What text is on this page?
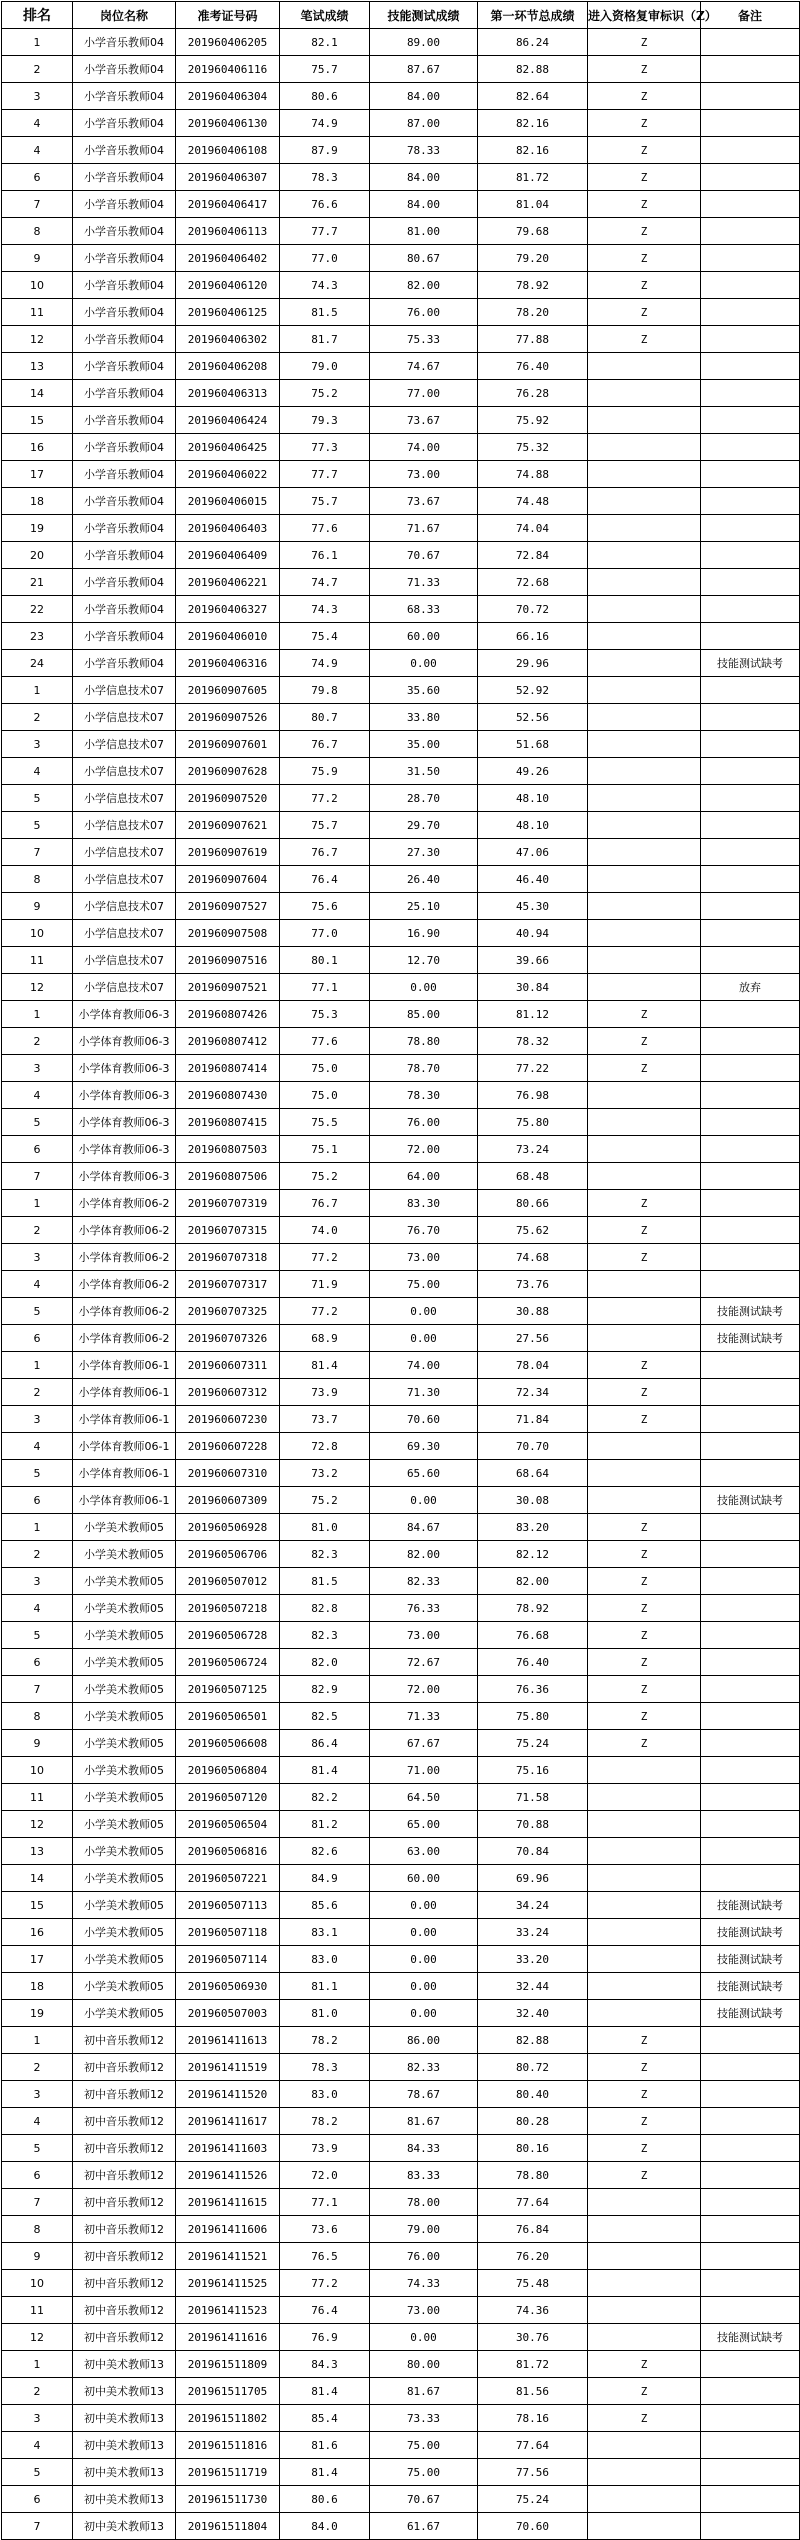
排名	岗位名称	准考证号码	笔试成绩	技能测试成绩	第一环节总成绩	进入资格复审标识（Z）	备注
1	小学音乐教师04	201960406205	82.1	89.00	86.24	Z	
2	小学音乐教师04	201960406116	75.7	87.67	82.88	Z	
3	小学音乐教师04	201960406304	80.6	84.00	82.64	Z	
4	小学音乐教师04	201960406130	74.9	87.00	82.16	Z	
4	小学音乐教师04	201960406108	87.9	78.33	82.16	Z	
6	小学音乐教师04	201960406307	78.3	84.00	81.72	Z	
7	小学音乐教师04	201960406417	76.6	84.00	81.04	Z	
8	小学音乐教师04	201960406113	77.7	81.00	79.68	Z	
9	小学音乐教师04	201960406402	77.0	80.67	79.20	Z	
10	小学音乐教师04	201960406120	74.3	82.00	78.92	Z	
11	小学音乐教师04	201960406125	81.5	76.00	78.20	Z	
12	小学音乐教师04	201960406302	81.7	75.33	77.88	Z	
13	小学音乐教师04	201960406208	79.0	74.67	76.40		
14	小学音乐教师04	201960406313	75.2	77.00	76.28		
15	小学音乐教师04	201960406424	79.3	73.67	75.92		
16	小学音乐教师04	201960406425	77.3	74.00	75.32		
17	小学音乐教师04	201960406022	77.7	73.00	74.88		
18	小学音乐教师04	201960406015	75.7	73.67	74.48		
19	小学音乐教师04	201960406403	77.6	71.67	74.04		
20	小学音乐教师04	201960406409	76.1	70.67	72.84		
21	小学音乐教师04	201960406221	74.7	71.33	72.68		
22	小学音乐教师04	201960406327	74.3	68.33	70.72		
23	小学音乐教师04	201960406010	75.4	60.00	66.16		
24	小学音乐教师04	201960406316	74.9	0.00	29.96		技能测试缺考
1	小学信息技术07	201960907605	79.8	35.60	52.92		
2	小学信息技术07	201960907526	80.7	33.80	52.56		
3	小学信息技术07	201960907601	76.7	35.00	51.68		
4	小学信息技术07	201960907628	75.9	31.50	49.26		
5	小学信息技术07	201960907520	77.2	28.70	48.10		
5	小学信息技术07	201960907621	75.7	29.70	48.10		
7	小学信息技术07	201960907619	76.7	27.30	47.06		
8	小学信息技术07	201960907604	76.4	26.40	46.40		
9	小学信息技术07	201960907527	75.6	25.10	45.30		
10	小学信息技术07	201960907508	77.0	16.90	40.94		
11	小学信息技术07	201960907516	80.1	12.70	39.66		
12	小学信息技术07	201960907521	77.1	0.00	30.84		放弃
1	小学体育教师06-3	201960807426	75.3	85.00	81.12	Z	
2	小学体育教师06-3	201960807412	77.6	78.80	78.32	Z	
3	小学体育教师06-3	201960807414	75.0	78.70	77.22	Z	
4	小学体育教师06-3	201960807430	75.0	78.30	76.98		
5	小学体育教师06-3	201960807415	75.5	76.00	75.80		
6	小学体育教师06-3	201960807503	75.1	72.00	73.24		
7	小学体育教师06-3	201960807506	75.2	64.00	68.48		
1	小学体育教师06-2	201960707319	76.7	83.30	80.66	Z	
2	小学体育教师06-2	201960707315	74.0	76.70	75.62	Z	
3	小学体育教师06-2	201960707318	77.2	73.00	74.68	Z	
4	小学体育教师06-2	201960707317	71.9	75.00	73.76		
5	小学体育教师06-2	201960707325	77.2	0.00	30.88		技能测试缺考
6	小学体育教师06-2	201960707326	68.9	0.00	27.56		技能测试缺考
1	小学体育教师06-1	201960607311	81.4	74.00	78.04	Z	
2	小学体育教师06-1	201960607312	73.9	71.30	72.34	Z	
3	小学体育教师06-1	201960607230	73.7	70.60	71.84	Z	
4	小学体育教师06-1	201960607228	72.8	69.30	70.70		
5	小学体育教师06-1	201960607310	73.2	65.60	68.64		
6	小学体育教师06-1	201960607309	75.2	0.00	30.08		技能测试缺考
1	小学美术教师05	201960506928	81.0	84.67	83.20	Z	
2	小学美术教师05	201960506706	82.3	82.00	82.12	Z	
3	小学美术教师05	201960507012	81.5	82.33	82.00	Z	
4	小学美术教师05	201960507218	82.8	76.33	78.92	Z	
5	小学美术教师05	201960506728	82.3	73.00	76.68	Z	
6	小学美术教师05	201960506724	82.0	72.67	76.40	Z	
7	小学美术教师05	201960507125	82.9	72.00	76.36	Z	
8	小学美术教师05	201960506501	82.5	71.33	75.80	Z	
9	小学美术教师05	201960506608	86.4	67.67	75.24	Z	
10	小学美术教师05	201960506804	81.4	71.00	75.16		
11	小学美术教师05	201960507120	82.2	64.50	71.58		
12	小学美术教师05	201960506504	81.2	65.00	70.88		
13	小学美术教师05	201960506816	82.6	63.00	70.84		
14	小学美术教师05	201960507221	84.9	60.00	69.96		
15	小学美术教师05	201960507113	85.6	0.00	34.24		技能测试缺考
16	小学美术教师05	201960507118	83.1	0.00	33.24		技能测试缺考
17	小学美术教师05	201960507114	83.0	0.00	33.20		技能测试缺考
18	小学美术教师05	201960506930	81.1	0.00	32.44		技能测试缺考
19	小学美术教师05	201960507003	81.0	0.00	32.40		技能测试缺考
1	初中音乐教师12	201961411613	78.2	86.00	82.88	Z	
2	初中音乐教师12	201961411519	78.3	82.33	80.72	Z	
3	初中音乐教师12	201961411520	83.0	78.67	80.40	Z	
4	初中音乐教师12	201961411617	78.2	81.67	80.28	Z	
5	初中音乐教师12	201961411603	73.9	84.33	80.16	Z	
6	初中音乐教师12	201961411526	72.0	83.33	78.80	Z	
7	初中音乐教师12	201961411615	77.1	78.00	77.64		
8	初中音乐教师12	201961411606	73.6	79.00	76.84		
9	初中音乐教师12	201961411521	76.5	76.00	76.20		
10	初中音乐教师12	201961411525	77.2	74.33	75.48		
11	初中音乐教师12	201961411523	76.4	73.00	74.36		
12	初中音乐教师12	201961411616	76.9	0.00	30.76		技能测试缺考
1	初中美术教师13	201961511809	84.3	80.00	81.72	Z	
2	初中美术教师13	201961511705	81.4	81.67	81.56	Z	
3	初中美术教师13	201961511802	85.4	73.33	78.16	Z	
4	初中美术教师13	201961511816	81.6	75.00	77.64		
5	初中美术教师13	201961511719	81.4	75.00	77.56		
6	初中美术教师13	201961511730	80.6	70.67	75.24		
7	初中美术教师13	201961511804	84.0	61.67	70.60		
